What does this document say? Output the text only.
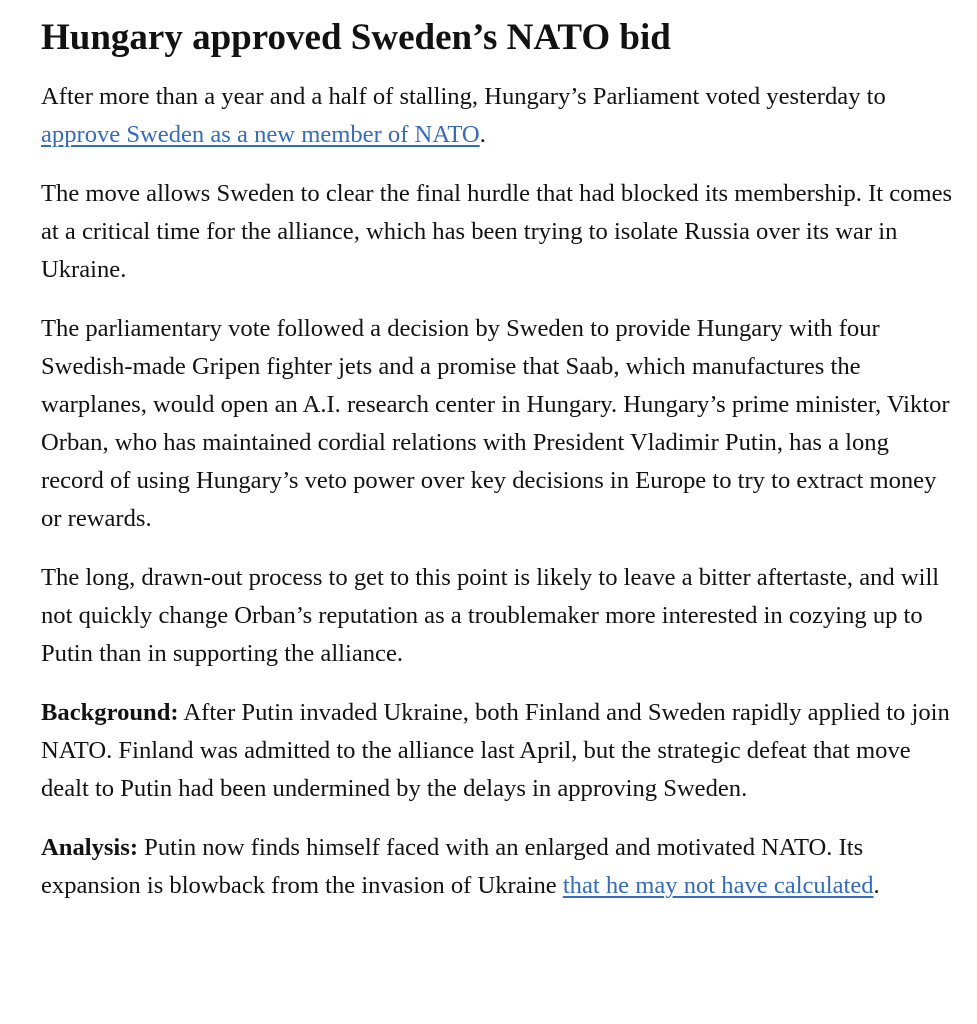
Hungary approved Sweden’s NATO bid

After more than a year and a half of stalling, Hungary’s Parliament voted yesterday to approve Sweden as a new member of NATO.

The move allows Sweden to clear the final hurdle that had blocked its membership. It comes at a critical time for the alliance, which has been trying to isolate Russia over its war in Ukraine.

The parliamentary vote followed a decision by Sweden to provide Hungary with four Swedish-made Gripen fighter jets and a promise that Saab, which manufactures the warplanes, would open an A.I. research center in Hungary. Hungary’s prime minister, Viktor Orban, who has maintained cordial relations with President Vladimir Putin, has a long record of using Hungary’s veto power over key decisions in Europe to try to extract money or rewards.

The long, drawn-out process to get to this point is likely to leave a bitter aftertaste, and will not quickly change Orban’s reputation as a troublemaker more interested in cozying up to Putin than in supporting the alliance.

Background: After Putin invaded Ukraine, both Finland and Sweden rapidly applied to join NATO. Finland was admitted to the alliance last April, but the strategic defeat that move dealt to Putin had been undermined by the delays in approving Sweden.

Analysis: Putin now finds himself faced with an enlarged and motivated NATO. Its expansion is blowback from the invasion of Ukraine that he may not have calculated.
